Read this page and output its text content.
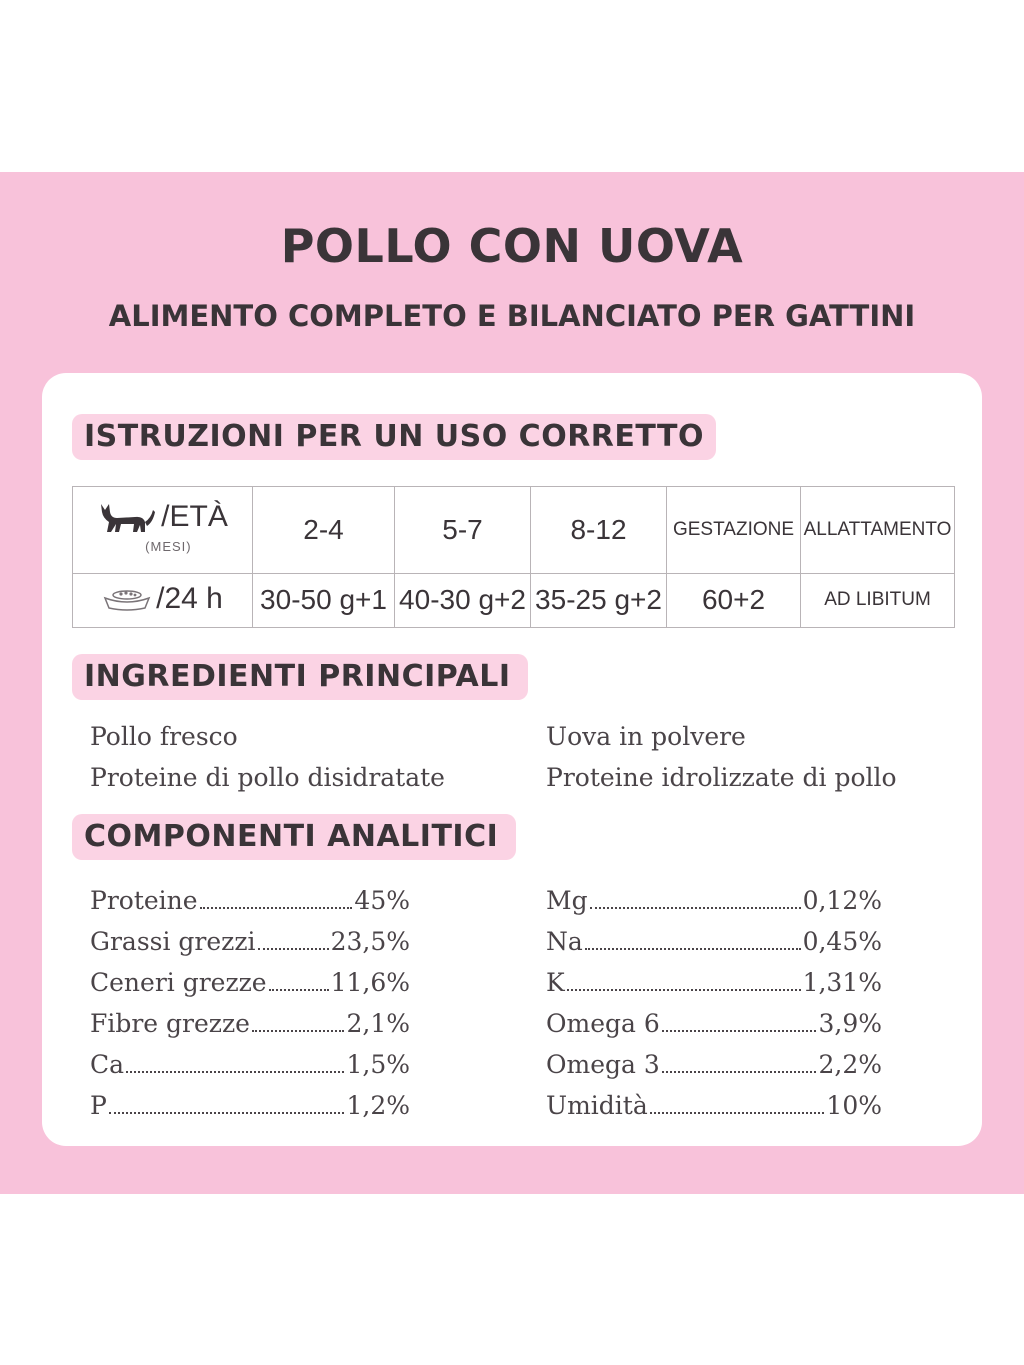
POLLO CON UOVA
ALIMENTO COMPLETO E BILANCIATO PER GATTINI
ISTRUZIONI PER UN USO CORRETTO
/ETÀ
(MESI)	2-4	5-7	8-12	GESTAZIONE	ALLATTAMENTO

/24 h	30-50 g+1	40-30 g+2	35-25 g+2	60+2	AD LIBITUM
INGREDIENTI PRINCIPALI
Pollo fresco
Proteine di pollo disidratate
Uova in polvere
Proteine idrolizzate di pollo
COMPONENTI ANALITICI
Proteine	45%
Grassi grezzi	23,5%
Ceneri grezze	11,6%
Fibre grezze	2,1%
Ca	1,5%
P	1,2%
Mg	0,12%
Na	0,45%
K	1,31%
Omega 6	3,9%
Omega 3	2,2%
Umidità	10%
